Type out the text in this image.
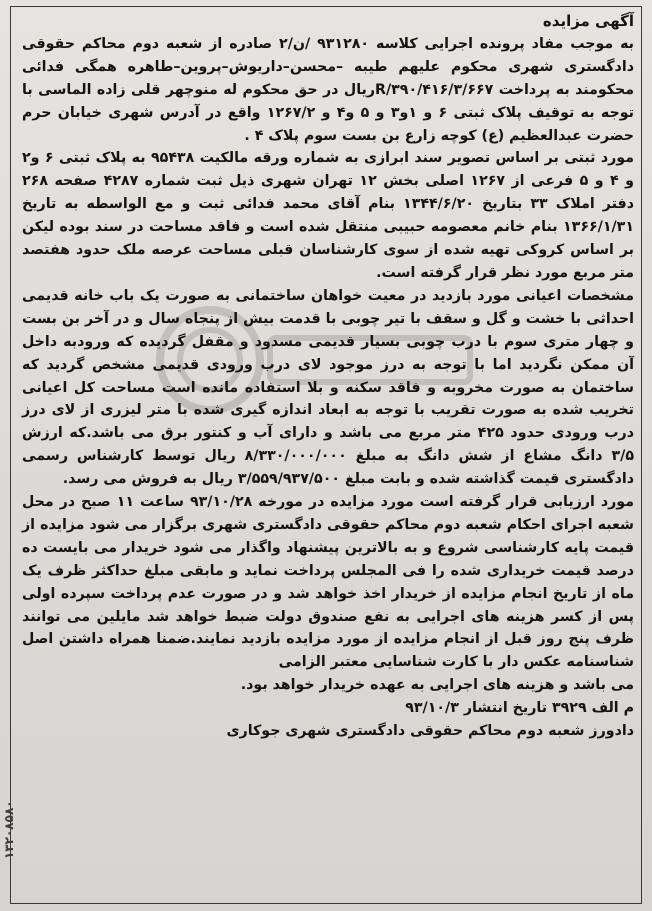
آگهی مزایده

به موجب مفاد پرونده اجرایی کلاسه ۹۳۱۲۸۰ /ن/۲ صادره از شعبه دوم محاکم حقوقی دادگستری شهری محکوم علیهم طیبه –محسن–داریوش–پروین–طاهره همگی فدائی محکومند به پرداخت ۶۶۷/R/۳۹۰/۴۱۶/۳ریال در حق محکوم له منوچهر قلی زاده الماسی با توجه به توقیف پلاک ثبتی ۶ و ۱و۳ و ۵ و۴ و ۱۲۶۷/۲ واقع در آدرس شهری خیابان حرم حضرت عبدالعظیم (ع) کوچه زارع بن بست سوم پلاک ۴ .

مورد ثبتی بر اساس تصویر سند ابرازی به شماره ورقه مالکیت ۹۵۴۳۸ به پلاک ثبتی ۶ و۲ و ۴ و ۵ فرعی از ۱۲۶۷ اصلی بخش ۱۲ تهران شهری ذیل ثبت شماره ۴۲۸۷ صفحه ۲۶۸ دفتر املاک ۳۳ بتاریخ ۱۳۴۴/۶/۲۰ بنام آقای محمد فدائی ثبت و مع الواسطه به تاریخ ۱۳۶۶/۱/۳۱ بنام خانم معصومه حبیبی منتقل شده است و فاقد مساحت در سند بوده لیکن بر اساس کروکی تهیه شده از سوی کارشناسان قبلی مساحت عرصه ملک حدود هفتصد متر مربع مورد نظر قرار گرفته است.

مشخصات اعیانی مورد بازدید در معیت خواهان ساختمانی به صورت یک باب خانه قدیمی احداثی با خشت و گل و سقف با تیر چوبی با قدمت بیش از پنجاه سال و در آخر بن بست و چهار متری سوم با درب چوبی بسیار قدیمی مسدود و مقفل گردیده که ورودبه داخل آن ممکن نگردید اما با توجه به درز موجود لای درب ورودی قدیمی مشخص گردید که ساختمان به صورت مخروبه و فاقد سکنه و بلا استفاده مانده است مساحت کل اعیانی تخریب شده به صورت تقریب با توجه به ابعاد اندازه گیری شده با متر لیزری از لای درز درب ورودی حدود ۴۲۵ متر مربع می باشد و دارای آب و کنتور برق می باشد.که ارزش ۳/۵ دانگ مشاع از شش دانگ به مبلغ ۸/۳۳۰/۰۰۰/۰۰۰ ریال توسط کارشناس رسمی دادگستری قیمت گذاشته شده و بابت مبلغ ۳/۵۵۹/۹۳۷/۵۰۰ ریال به فروش می رسد.

مورد ارزیابی قرار گرفته است مورد مزایده در مورخه ۹۳/۱۰/۲۸ ساعت ۱۱ صبح در محل شعبه اجرای احکام شعبه دوم محاکم حقوقی دادگستری شهری برگزار می شود مزایده از قیمت پایه کارشناسی شروع و به بالاترین پیشنهاد واگذار می شود خریدار می بایست ده درصد قیمت خریداری شده را فی المجلس پرداخت نماید و مابقی مبلغ حداکثر ظرف یک ماه از تاریخ انجام مزایده از خریدار اخذ خواهد شد و در صورت عدم پرداخت سپرده اولی پس از کسر هزینه های اجرایی به نفع صندوق دولت ضبط خواهد شد مایلین می توانند ظرف پنج روز قبل از انجام مزایده از مورد مزایده بازدید نمایند.ضمنا همراه داشتن اصل شناسنامه عکس دار با کارت شناسایی معتبر الزامی

می باشد و هزینه های اجرایی به عهده خریدار خواهد بود.

م الف ۳۹۲۹ تاریخ انتشار ۹۳/۱۰/۳

دادورز شعبه دوم محاکم حقوقی دادگستری شهری جوکاری

۱۳۲۰۸۵۸۰
